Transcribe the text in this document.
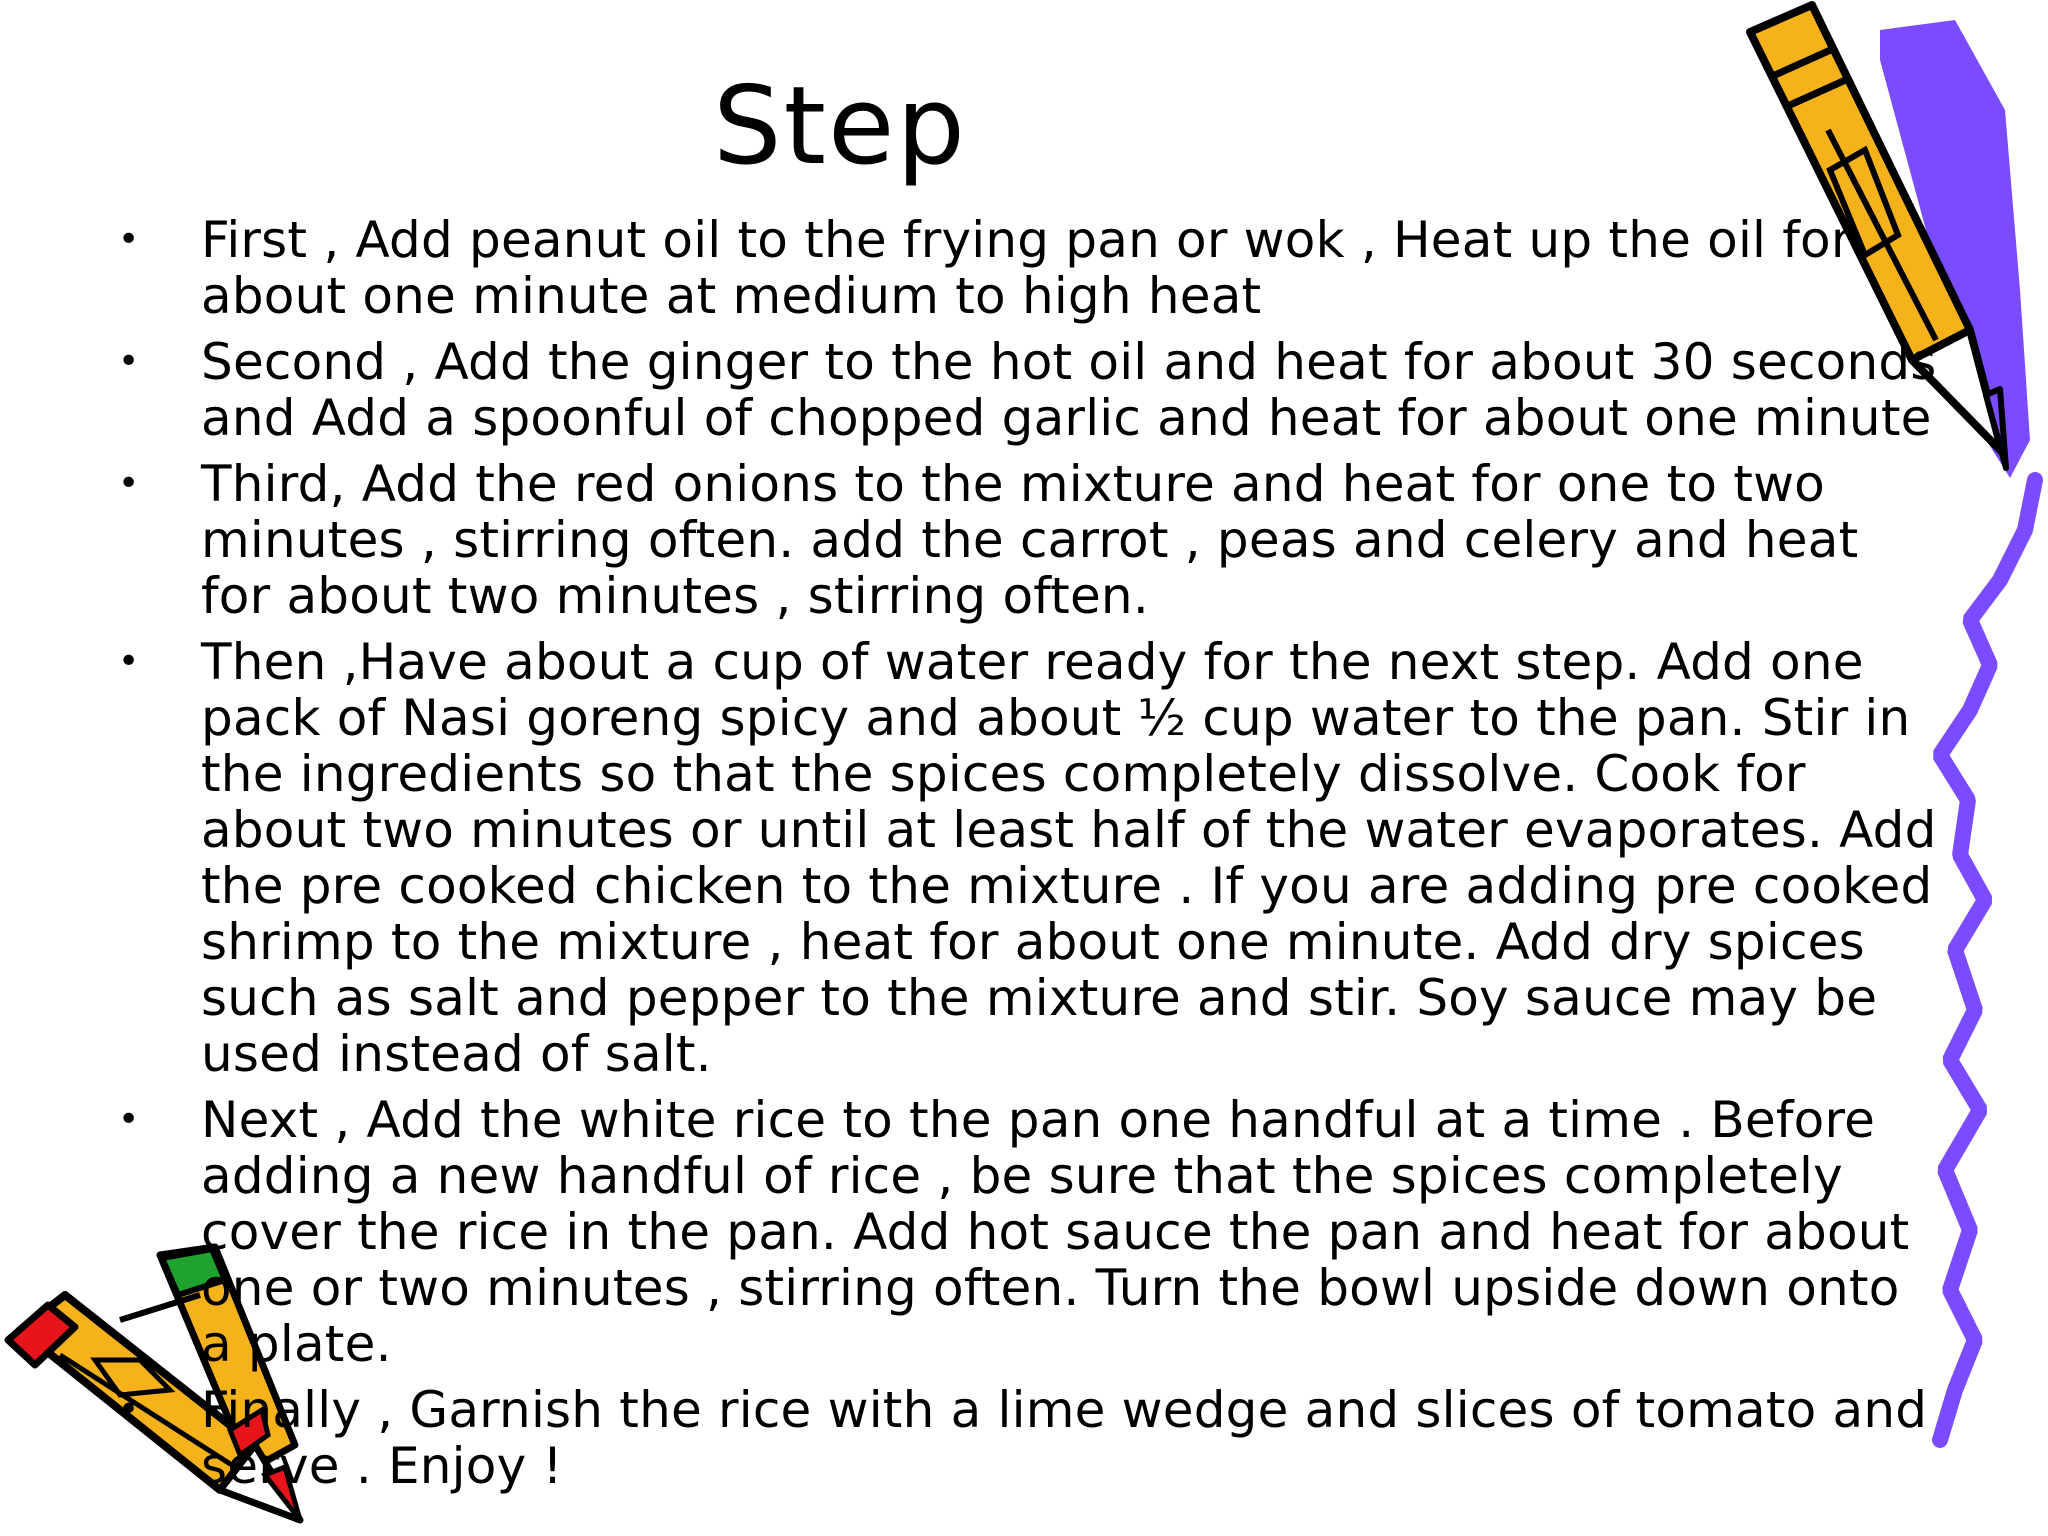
Step
• First , Add peanut oil to the frying pan or wok , Heat up the oil for about one minute at medium to high heat
• Second , Add the ginger to the hot oil and heat for about 30 seconds and Add a spoonful of chopped garlic and heat for about one minute
• Third, Add the red onions to the mixture and heat for one to two minutes , stirring often. add the carrot , peas and celery and heat for about two minutes , stirring often.
• Then ,Have about a cup of water ready for the next step. Add one pack of Nasi goreng spicy and about ½ cup water to the pan. Stir in the ingredients so that the spices completely dissolve. Cook for about two minutes or until at least half of the water evaporates. Add the pre cooked chicken to the mixture . If you are adding pre cooked shrimp to the mixture , heat for about one minute. Add dry spices such as salt and pepper to the mixture and stir. Soy sauce may be used instead of salt.
• Next , Add the white rice to the pan one handful at a time . Before adding a new handful of rice , be sure that the spices completely cover the rice in the pan. Add hot sauce the pan and heat for about one or two minutes , stirring often. Turn the bowl upside down onto a plate.
• Finally , Garnish the rice with a lime wedge and slices of tomato and serve . Enjoy !
